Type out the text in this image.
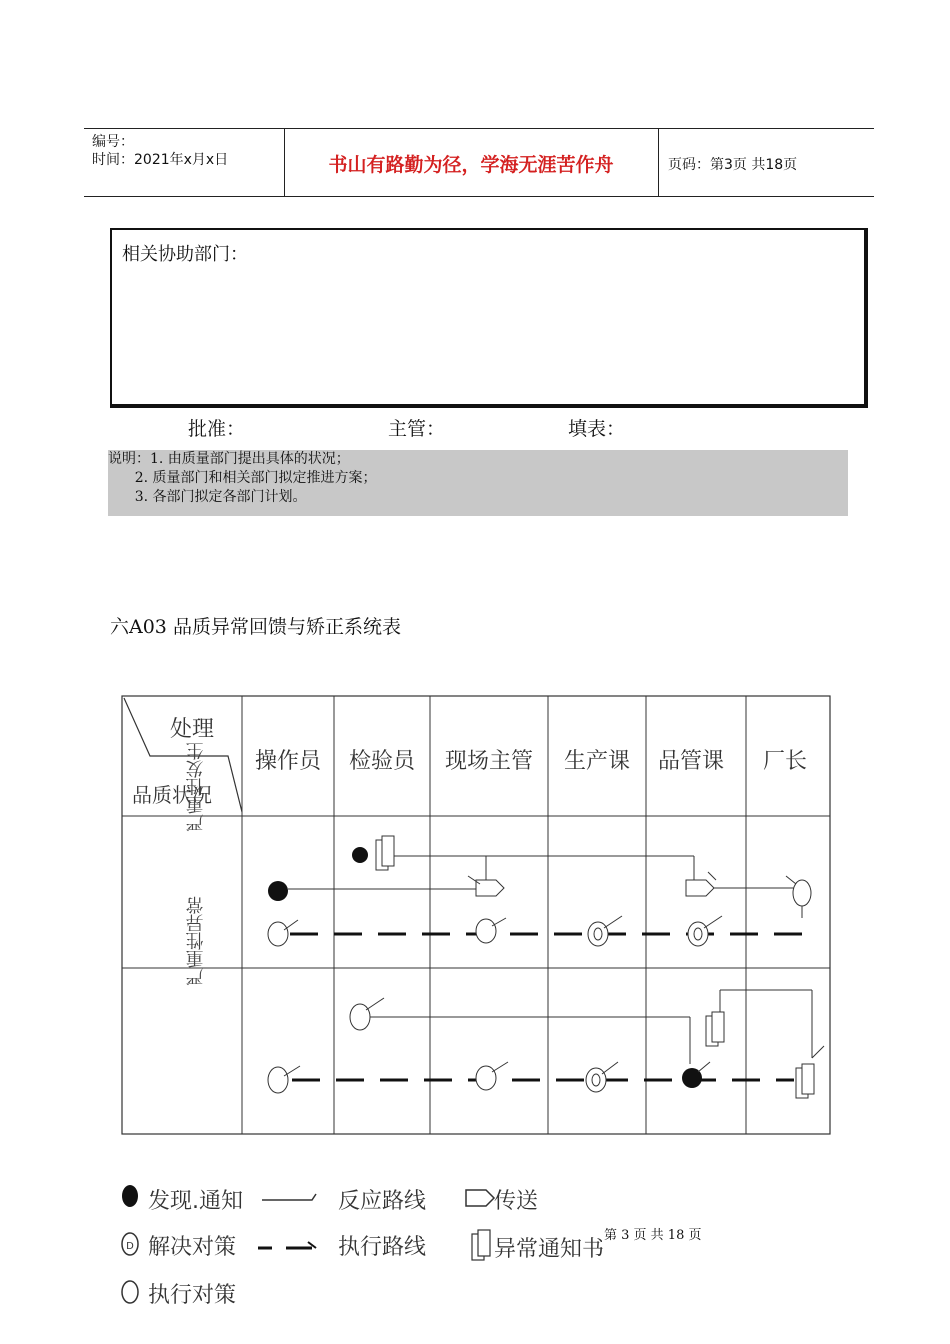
编号：
时间：2021年x月x日	书山有路勤为径，学海无涯苦作舟	页码：第3页 共18页
相关协助部门：
批准：	主管：	填表：
说明：1. 由质量部门提出具体的状况；
2. 质量部门和相关部门拟定推进方案；
3. 各部门拟定各部门计划。
六A03 品质异常回馈与矫正系统表
处理
品质状况
操作员 检验员 现场主管 生产课 品管课 厂长
严重性发生
严重性异常
发现.通知	反应路线	传送
D 解决对策	执行路线	异常通知书
执行对策
第 3 页 共 18 页
